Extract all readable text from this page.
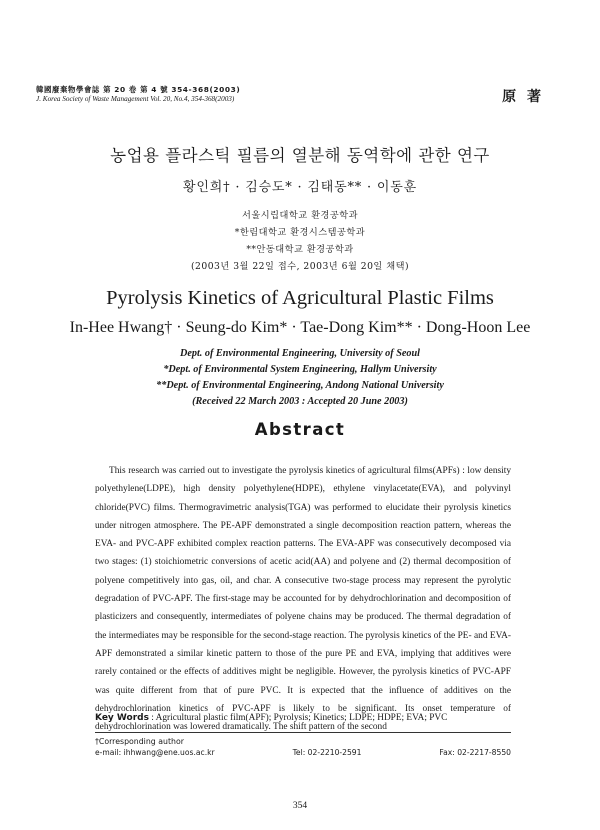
韓國廢棄物學會誌 第 20 卷 第 4 號 354-368(2003)
J. Korea Society of Waste Management Vol. 20, No.4, 354-368(2003)	原 著
농업용 플라스틱 필름의 열분해 동역학에 관한 연구
황인희† · 김승도* · 김태동** · 이동훈
서울시립대학교 환경공학과
*한림대학교 환경시스템공학과
**안동대학교 환경공학과
(2003년 3월 22일 접수, 2003년 6월 20일 채택)
Pyrolysis Kinetics of Agricultural Plastic Films
In-Hee Hwang† · Seung-do Kim* · Tae-Dong Kim** · Dong-Hoon Lee
Dept. of Environmental Engineering, University of Seoul
*Dept. of Environmental System Engineering, Hallym University
**Dept. of Environmental Engineering, Andong National University
(Received 22 March 2003 : Accepted 20 June 2003)
Abstract

This research was carried out to investigate the pyrolysis kinetics of agricultural films(APFs) : low density polyethylene(LDPE), high density polyethylene(HDPE), ethylene vinylacetate(EVA), and polyvinyl chloride(PVC) films. Thermogravimetric analysis(TGA) was performed to elucidate their pyrolysis kinetics under nitrogen atmosphere. The PE-APF demonstrated a single decomposition reaction pattern, whereas the EVA- and PVC-APF exhibited complex reaction patterns. The EVA-APF was consecutively decomposed via two stages: (1) stoichiometric conversions of acetic acid(AA) and polyene and (2) thermal decomposition of polyene competitively into gas, oil, and char. A consecutive two-stage process may represent the pyrolytic degradation of PVC-APF. The first-stage may be accounted for by dehydrochlorination and decomposition of plasticizers and consequently, intermediates of polyene chains may be produced. The thermal degradation of the intermediates may be responsible for the second-stage reaction. The pyrolysis kinetics of the PE- and EVA-APF demonstrated a similar kinetic pattern to those of the pure PE and EVA, implying that additives were rarely contained or the effects of additives might be negligible. However, the pyrolysis kinetics of PVC-APF was quite different from that of pure PVC. It is expected that the influence of additives on the dehydrochlorination kinetics of PVC-APF is likely to be significant. Its onset temperature of dehydrochlorination was lowered dramatically. The shift pattern of the second

Key Words : Agricultural plastic film(APF); Pyrolysis; Kinetics; LDPE; HDPE; EVA; PVC
†Corresponding author
e-mail: ihhwang@ene.uos.ac.kr	Tel: 02-2210-2591	Fax: 02-2217-8550
354
